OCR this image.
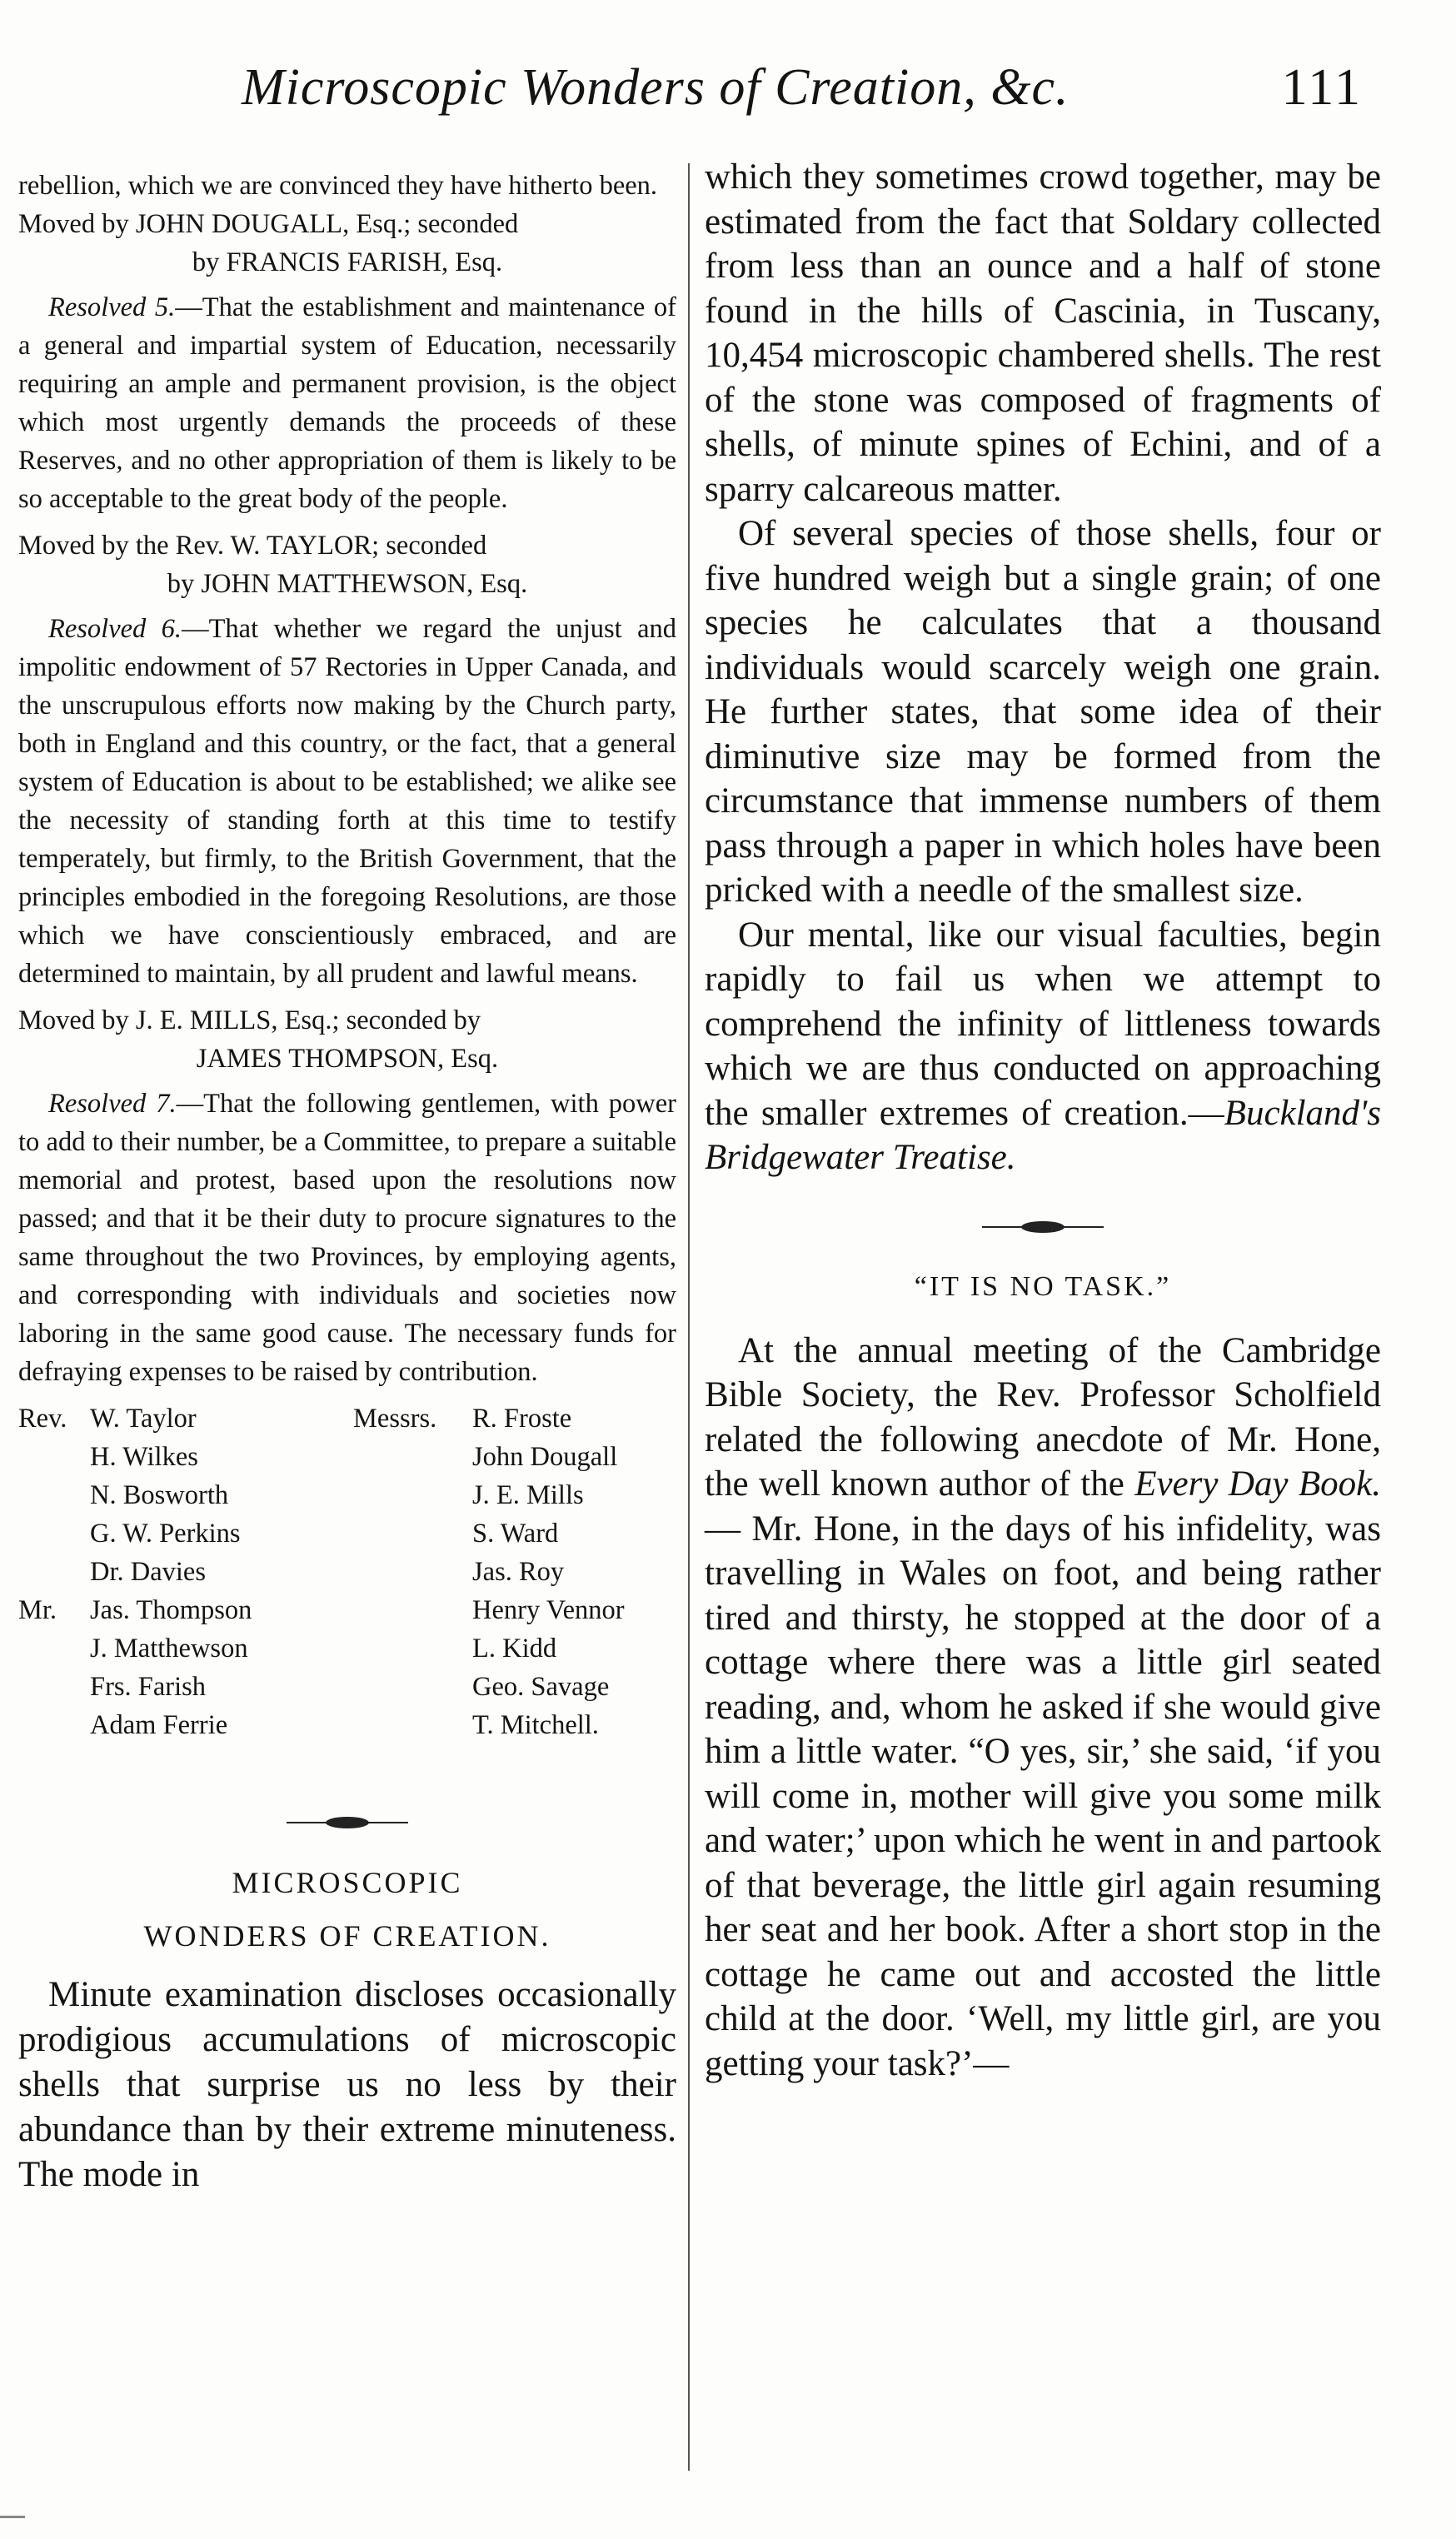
Microscopic Wonders of Creation, &c.	111

rebellion, which we are convinced they have hitherto been.

Moved by JOHN DOUGALL, Esq.; seconded
by FRANCIS FARISH, Esq.

Resolved 5.—That the establishment and maintenance of a general and impartial system of Education, necessarily requiring an ample and permanent provision, is the object which most urgently demands the proceeds of these Reserves, and no other appropriation of them is likely to be so acceptable to the great body of the people.

Moved by the Rev. W. TAYLOR; seconded
by JOHN MATTHEWSON, Esq.

Resolved 6.—That whether we regard the unjust and impolitic endowment of 57 Rectories in Upper Canada, and the unscrupulous efforts now making by the Church party, both in England and this country, or the fact, that a general system of Education is about to be established; we alike see the necessity of standing forth at this time to testify temperately, but firmly, to the British Government, that the principles embodied in the foregoing Resolutions, are those which we have conscientiously embraced, and are determined to maintain, by all prudent and lawful means.

Moved by J. E. MILLS, Esq.; seconded by
JAMES THOMPSON, Esq.

Resolved 7.—That the following gentlemen, with power to add to their number, be a Committee, to prepare a suitable memorial and protest, based upon the resolutions now passed; and that it be their duty to procure signatures to the same throughout the two Provinces, by employing agents, and corresponding with individuals and societies now laboring in the same good cause. The necessary funds for defraying expenses to be raised by contribution.

Rev.
Mr.
W. Taylor
H. Wilkes
N. Bosworth
G. W. Perkins
Dr. Davies
Jas. Thompson
J. Matthewson
Frs. Farish
Adam Ferrie
Messrs. R. Froste
John Dougall
J. E. Mills
S. Ward
Jas. Roy
Henry Vennor
L. Kidd
Geo. Savage
T. Mitchell.
MICROSCOPIC
WONDERS OF CREATION.

Minute examination discloses occasionally prodigious accumulations of microscopic shells that surprise us no less by their abundance than by their extreme minuteness. The mode in

which they sometimes crowd together, may be estimated from the fact that Soldary collected from less than an ounce and a half of stone found in the hills of Cascinia, in Tuscany, 10,454 microscopic chambered shells. The rest of the stone was composed of fragments of shells, of minute spines of Echini, and of a sparry calcareous matter.

Of several species of those shells, four or five hundred weigh but a single grain; of one species he calculates that a thousand individuals would scarcely weigh one grain. He further states, that some idea of their diminutive size may be formed from the circumstance that immense numbers of them pass through a paper in which holes have been pricked with a needle of the smallest size.

Our mental, like our visual faculties, begin rapidly to fail us when we attempt to comprehend the infinity of littleness towards which we are thus conducted on approaching the smaller extremes of creation.—Buckland's Bridgewater Treatise.

“IT IS NO TASK.”

At the annual meeting of the Cambridge Bible Society, the Rev. Professor Scholfield related the following anecdote of Mr. Hone, the well known author of the Every Day Book.— Mr. Hone, in the days of his infidelity, was travelling in Wales on foot, and being rather tired and thirsty, he stopped at the door of a cottage where there was a little girl seated reading, and, whom he asked if she would give him a little water. “O yes, sir,’ she said, ‘if you will come in, mother will give you some milk and water;’ upon which he went in and partook of that beverage, the little girl again resuming her seat and her book. After a short stop in the cottage he came out and accosted the little child at the door. ‘Well, my little girl, are you getting your task?’—
